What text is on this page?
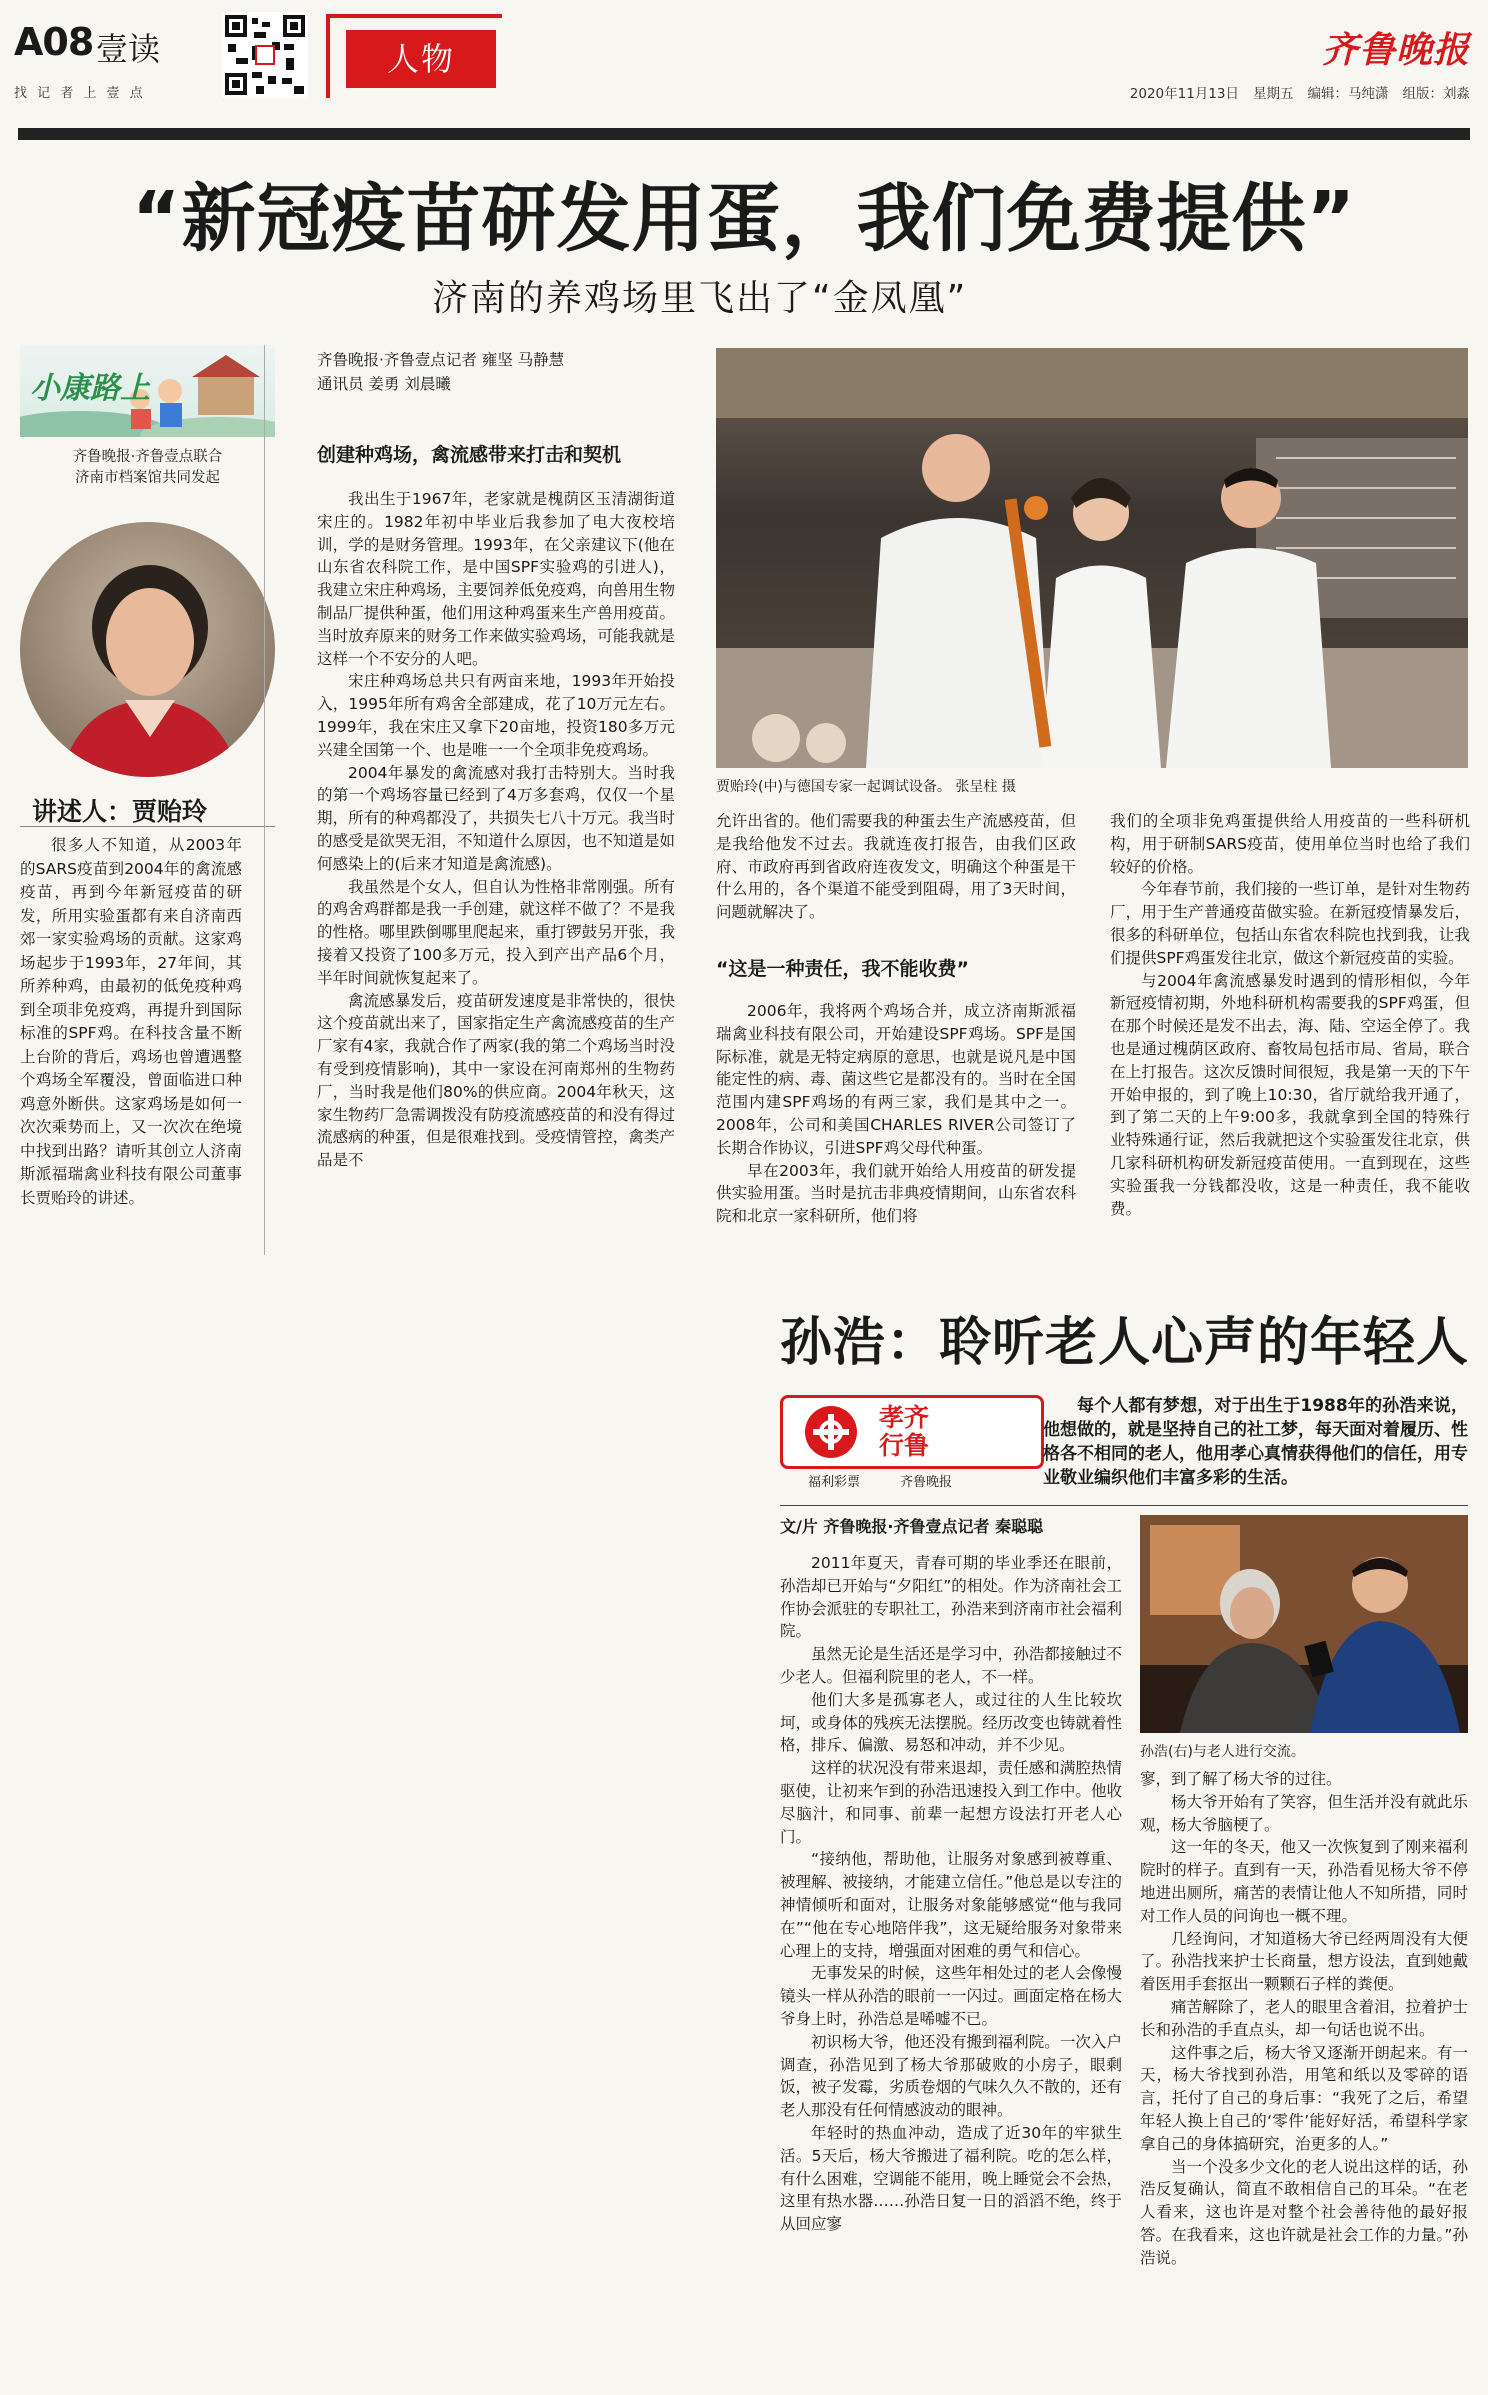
A08 壹读
找 记 者 上 壹 点
人物	齐鲁晚报
2020年11月13日 星期五 编辑：马纯潇 组版：刘淼
“新冠疫苗研发用蛋，我们免费提供”
济南的养鸡场里飞出了“金凤凰”
小康路上
齐鲁晚报·齐鲁壹点联合
济南市档案馆共同发起
讲述人：贾贻玲

很多人不知道，从2003年的SARS疫苗到2004年的禽流感疫苗，再到今年新冠疫苗的研发，所用实验蛋都有来自济南西郊一家实验鸡场的贡献。这家鸡场起步于1993年，27年间，其所养种鸡，由最初的低免疫种鸡到全项非免疫鸡，再提升到国际标准的SPF鸡。在科技含量不断上台阶的背后，鸡场也曾遭遇整个鸡场全军覆没，曾面临进口种鸡意外断供。这家鸡场是如何一次次乘势而上，又一次次在绝境中找到出路？请听其创立人济南斯派福瑞禽业科技有限公司董事长贾贻玲的讲述。

齐鲁晚报·齐鲁壹点记者 雍坚 马静慧
通讯员 姜勇 刘晨曦
创建种鸡场，禽流感带来打击和契机

我出生于1967年，老家就是槐荫区玉清湖街道宋庄的。1982年初中毕业后我参加了电大夜校培训，学的是财务管理。1993年，在父亲建议下(他在山东省农科院工作，是中国SPF实验鸡的引进人)，我建立宋庄种鸡场，主要饲养低免疫鸡，向兽用生物制品厂提供种蛋，他们用这种鸡蛋来生产兽用疫苗。当时放弃原来的财务工作来做实验鸡场，可能我就是这样一个不安分的人吧。

宋庄种鸡场总共只有两亩来地，1993年开始投入，1995年所有鸡舍全部建成，花了10万元左右。1999年，我在宋庄又拿下20亩地，投资180多万元兴建全国第一个、也是唯一一个全项非免疫鸡场。

2004年暴发的禽流感对我打击特别大。当时我的第一个鸡场容量已经到了4万多套鸡，仅仅一个星期，所有的种鸡都没了，共损失七八十万元。我当时的感受是欲哭无泪，不知道什么原因，也不知道是如何感染上的(后来才知道是禽流感)。

我虽然是个女人，但自认为性格非常刚强。所有的鸡舍鸡群都是我一手创建，就这样不做了？不是我的性格。哪里跌倒哪里爬起来，重打锣鼓另开张，我接着又投资了100多万元，投入到产出产品6个月，半年时间就恢复起来了。

禽流感暴发后，疫苗研发速度是非常快的，很快这个疫苗就出来了，国家指定生产禽流感疫苗的生产厂家有4家，我就合作了两家(我的第二个鸡场当时没有受到疫情影响)，其中一家设在河南郑州的生物药厂，当时我是他们80%的供应商。2004年秋天，这家生物药厂急需调拨没有防疫流感疫苗的和没有得过流感病的种蛋，但是很难找到。受疫情管控，禽类产品是不

贾贻玲(中)与德国专家一起调试设备。 张呈柱 摄

允许出省的。他们需要我的种蛋去生产流感疫苗，但是我给他发不过去。我就连夜打报告，由我们区政府、市政府再到省政府连夜发文，明确这个种蛋是干什么用的，各个渠道不能受到阻碍，用了3天时间，问题就解决了。

“这是一种责任，我不能收费”

2006年，我将两个鸡场合并，成立济南斯派福瑞禽业科技有限公司，开始建设SPF鸡场。SPF是国际标准，就是无特定病原的意思，也就是说凡是中国能定性的病、毒、菌这些它是都没有的。当时在全国范围内建SPF鸡场的有两三家，我们是其中之一。2008年，公司和美国CHARLES RIVER公司签订了长期合作协议，引进SPF鸡父母代种蛋。

早在2003年，我们就开始给人用疫苗的研发提供实验用蛋。当时是抗击非典疫情期间，山东省农科院和北京一家科研所，他们将

我们的全项非免鸡蛋提供给人用疫苗的一些科研机构，用于研制SARS疫苗，使用单位当时也给了我们较好的价格。

今年春节前，我们接的一些订单，是针对生物药厂，用于生产普通疫苗做实验。在新冠疫情暴发后，很多的科研单位，包括山东省农科院也找到我，让我们提供SPF鸡蛋发往北京，做这个新冠疫苗的实验。

与2004年禽流感暴发时遇到的情形相似，今年新冠疫情初期，外地科研机构需要我的SPF鸡蛋，但在那个时候还是发不出去，海、陆、空运全停了。我也是通过槐荫区政府、畜牧局包括市局、省局，联合在上打报告。这次反馈时间很短，我是第一天的下午开始申报的，到了晚上10:30，省厅就给我开通了，到了第二天的上午9:00多，我就拿到全国的特殊行业特殊通行证，然后我就把这个实验蛋发往北京，供几家科研机构研发新冠疫苗使用。一直到现在，这些实验蛋我一分钱都没收，这是一种责任，我不能收费。

孙浩：聆听老人心声的年轻人
孝齐行鲁
福利彩票	齐鲁晚报
每个人都有梦想，对于出生于1988年的孙浩来说，他想做的，就是坚持自己的社工梦，每天面对着履历、性格各不相同的老人，他用孝心真情获得他们的信任，用专业敬业编织他们丰富多彩的生活。
文/片 齐鲁晚报·齐鲁壹点记者 秦聪聪

2011年夏天，青春可期的毕业季还在眼前，孙浩却已开始与“夕阳红”的相处。作为济南社会工作协会派驻的专职社工，孙浩来到济南市社会福利院。

虽然无论是生活还是学习中，孙浩都接触过不少老人。但福利院里的老人，不一样。

他们大多是孤寡老人，或过往的人生比较坎坷，或身体的残疾无法摆脱。经历改变也铸就着性格，排斥、偏激、易怒和冲动，并不少见。

这样的状况没有带来退却，责任感和满腔热情驱使，让初来乍到的孙浩迅速投入到工作中。他收尽脑汁，和同事、前辈一起想方设法打开老人心门。

“接纳他，帮助他，让服务对象感到被尊重、被理解、被接纳，才能建立信任。”他总是以专注的神情倾听和面对，让服务对象能够感觉“他与我同在”“他在专心地陪伴我”，这无疑给服务对象带来心理上的支持，增强面对困难的勇气和信心。

无事发呆的时候，这些年相处过的老人会像慢镜头一样从孙浩的眼前一一闪过。画面定格在杨大爷身上时，孙浩总是唏嘘不已。

初识杨大爷，他还没有搬到福利院。一次入户调查，孙浩见到了杨大爷那破败的小房子，眼剩饭，被子发霉，劣质卷烟的气味久久不散的，还有老人那没有任何情感波动的眼神。

年轻时的热血冲动，造成了近30年的牢狱生活。5天后，杨大爷搬进了福利院。吃的怎么样，有什么困难，空调能不能用，晚上睡觉会不会热，这里有热水器……孙浩日复一日的滔滔不绝，终于从回应寥

孙浩(右)与老人进行交流。

寥，到了解了杨大爷的过往。

杨大爷开始有了笑容，但生活并没有就此乐观，杨大爷脑梗了。

这一年的冬天，他又一次恢复到了刚来福利院时的样子。直到有一天，孙浩看见杨大爷不停地进出厕所，痛苦的表情让他人不知所措，同时对工作人员的问询也一概不理。

几经询问，才知道杨大爷已经两周没有大便了。孙浩找来护士长商量，想方设法，直到她戴着医用手套抠出一颗颗石子样的粪便。

痛苦解除了，老人的眼里含着泪，拉着护士长和孙浩的手直点头，却一句话也说不出。

这件事之后，杨大爷又逐渐开朗起来。有一天，杨大爷找到孙浩，用笔和纸以及零碎的语言，托付了自己的身后事：“我死了之后，希望年轻人换上自己的‘零件’能好好活，希望科学家拿自己的身体搞研究，治更多的人。”

当一个没多少文化的老人说出这样的话，孙浩反复确认，简直不敢相信自己的耳朵。“在老人看来，这也许是对整个社会善待他的最好报答。在我看来，这也许就是社会工作的力量。”孙浩说。
